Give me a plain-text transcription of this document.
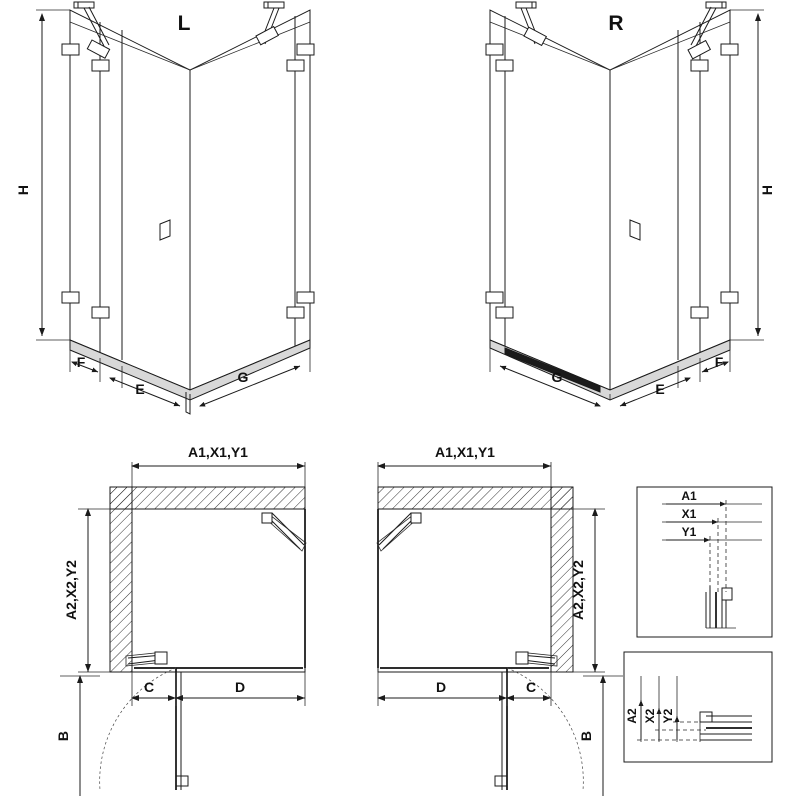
H
F
E
G
L
H
F
E
G
R
A1,X1,Y1
A2,X2,Y2
C	D
B
A1,X1,Y1
A2,X2,Y2
D	C
B
A1
X1
Y1
A2 X2 Y2
